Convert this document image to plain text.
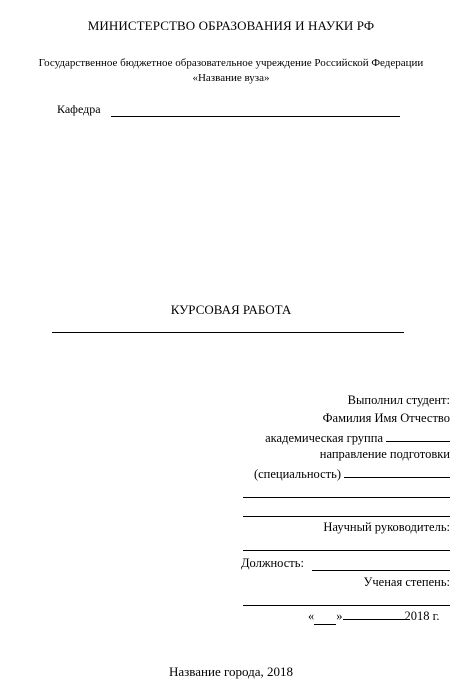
МИНИСТЕРСТВО ОБРАЗОВАНИЯ И НАУКИ РФ
Государственное бюджетное образовательное учреждение Российской Федерации
«Название вуза»
Кафедра
КУРСОВАЯ РАБОТА
Выполнил студент:
Фамилия Имя Отчество
академическая группа
направление подготовки
(специальность)
Научный руководитель:
Должность:
Ученая степень:
« »	2018 г.
Название города, 2018
